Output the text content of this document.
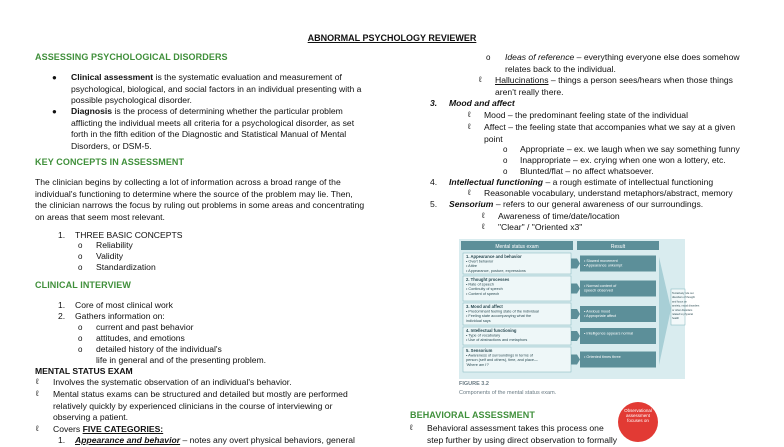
ABNORMAL PSYCHOLOGY REVIEWER
ASSESSING PSYCHOLOGICAL DISORDERS
● Clinical assessment is the systematic evaluation and measurement of
psychological, biological, and social factors in an individual presenting with a
possible psychological disorder.
● Diagnosis is the process of determining whether the particular problem
afflicting the individual meets all criteria for a psychological disorder, as set
forth in the fifth edition of the Diagnostic and Statistical Manual of Mental
Disorders, or DSM-5.
KEY CONCEPTS IN ASSESSMENT
The clinician begins by collecting a lot of information across a broad range of the
individual's functioning to determine where the source of the problem may lie. Then,
the clinician narrows the focus by ruling out problems in some areas and concentrating
on areas that seem most relevant.
1. THREE BASIC CONCEPTS
o Reliability
o Validity
o Standardization
CLINICAL INTERVIEW
1. Core of most clinical work
2. Gathers information on:
o current and past behavior
o attitudes, and emotions
o detailed history of the individual's
life in general and of the presenting problem.
MENTAL STATUS EXAM
ℓ Involves the systematic observation of an individual's behavior.
ℓ Mental status exams can be structured and detailed but mostly are performed
relatively quickly by experienced clinicians in the course of interviewing or
observing a patient.
ℓ Covers FIVE CATEGORIES:
1. Appearance and behavior – notes any overt physical behaviors, general
o Ideas of reference – everything everyone else does somehow
relates back to the individual.
ℓ Hallucinations – things a person sees/hears when those things
aren't really there.
3. Mood and affect
ℓ Mood – the predominant feeling state of the individual
ℓ Affect – the feeling state that accompanies what we say at a given
point
o Appropriate – ex. we laugh when we say something funny
o Inappropriate – ex. crying when one won a lottery, etc.
o Blunted/flat – no affect whatsoever.
4. Intellectual functioning – a rough estimate of intellectual functioning
ℓ Reasonable vocabulary, understand metaphors/abstract, memory
5. Sensorium – refers to our general awareness of our surroundings.
ℓ Awareness of time/date/location
ℓ "Clear" / "Oriented x3"
Mental status exam	Result
1. Appearance and behavior
• Overt behavior
• Attire
• Appearance, posture, expressions
• Slowed movement
• Appearance unkempt
2. Thought processes
• Rate of speech
• Continuity of speech
• Content of speech
• Normal content of
speech observed
3. Mood and affect
• Predominant feeling state of the individual
• Feeling state accompanying what the
individual says
• Anxious mood
• Appropriate affect
4. Intellectual functioning
• Type of vocabulary
• Use of abstractions and metaphors
• Intelligence appears normal
5. Sensorium
• Awareness of surroundings in terms of
person (self and others), time, and place—
'Where am I?'
• Oriented times three
Tentatively rule out
disorders of thought
and focus on
anxiety, mood disorders
or other disorders
related to physical
health
FIGURE 3.2
Components of the mental status exam.
BEHAVIORAL ASSESSMENT
ℓ Behavioral assessment takes this process one
step further by using direct observation to formally
Observational
assessment
focuses on
